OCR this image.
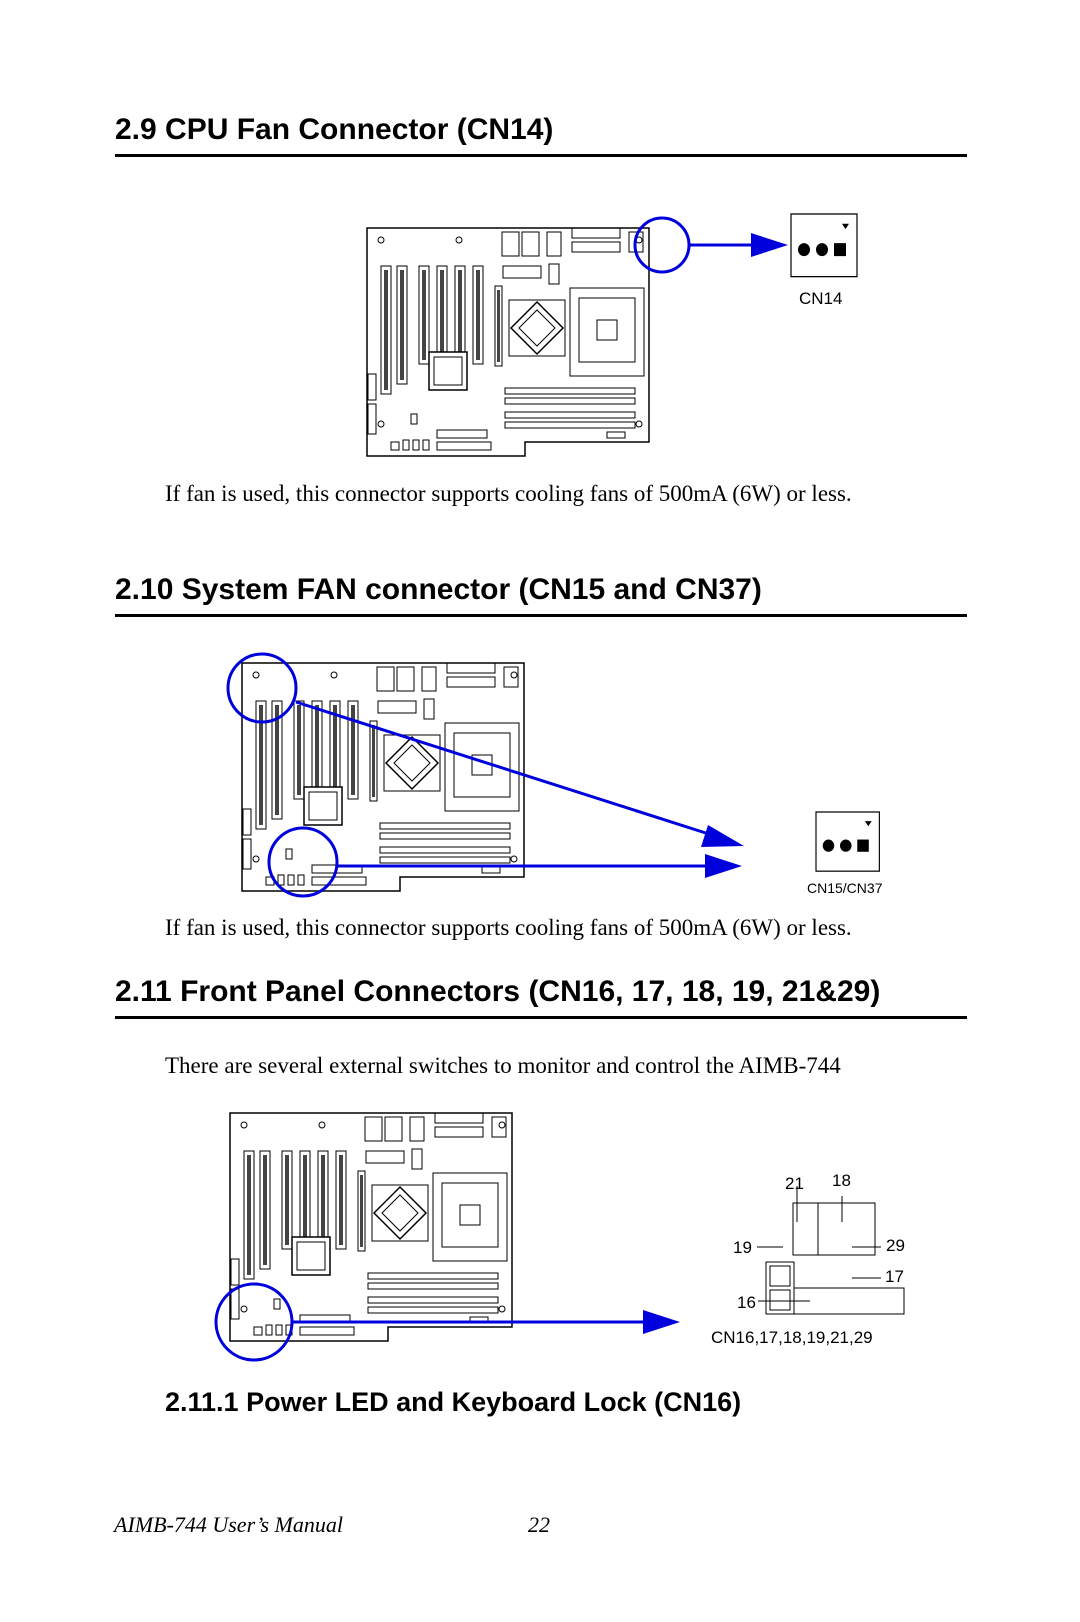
2.9 CPU Fan Connector (CN14)
CN14
CN15/CN37
21 18
19	29
17
16
CN16,17,18,19,21,29

If fan is used, this connector supports cooling fans of 500mA (6W) or less.

2.10 System FAN connector (CN15 and CN37)

If fan is used, this connector supports cooling fans of 500mA (6W) or less.

2.11 Front Panel Connectors (CN16, 17, 18, 19, 21&29)

There are several external switches to monitor and control the AIMB-744

2.11.1 Power LED and Keyboard Lock (CN16)
AIMB-744 User’s Manual	22
